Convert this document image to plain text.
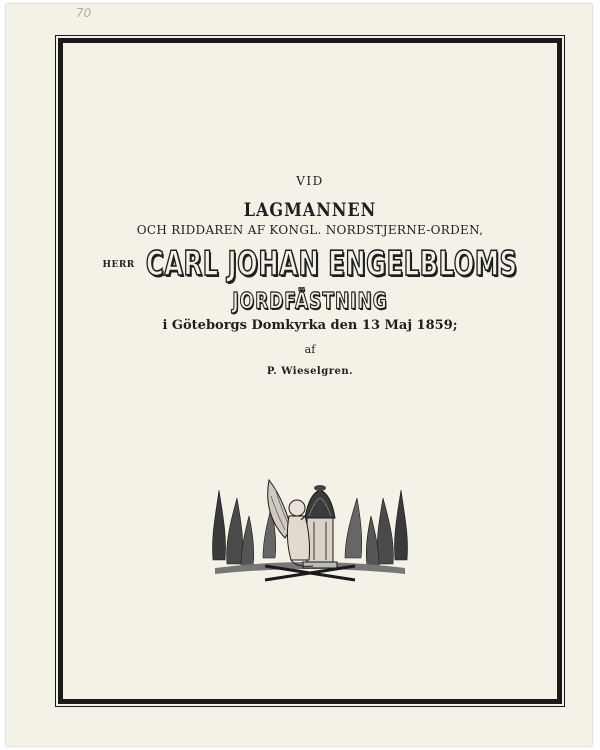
70
VID
LAGMANNEN
OCH RIDDAREN AF KONGL. NORDSTJERNE-ORDEN,
HERR CARL JOHAN ENGELBLOMS
JORDFÄSTNING
i Göteborgs Domkyrka den 13 Maj 1859;
af
P. Wieselgren.
